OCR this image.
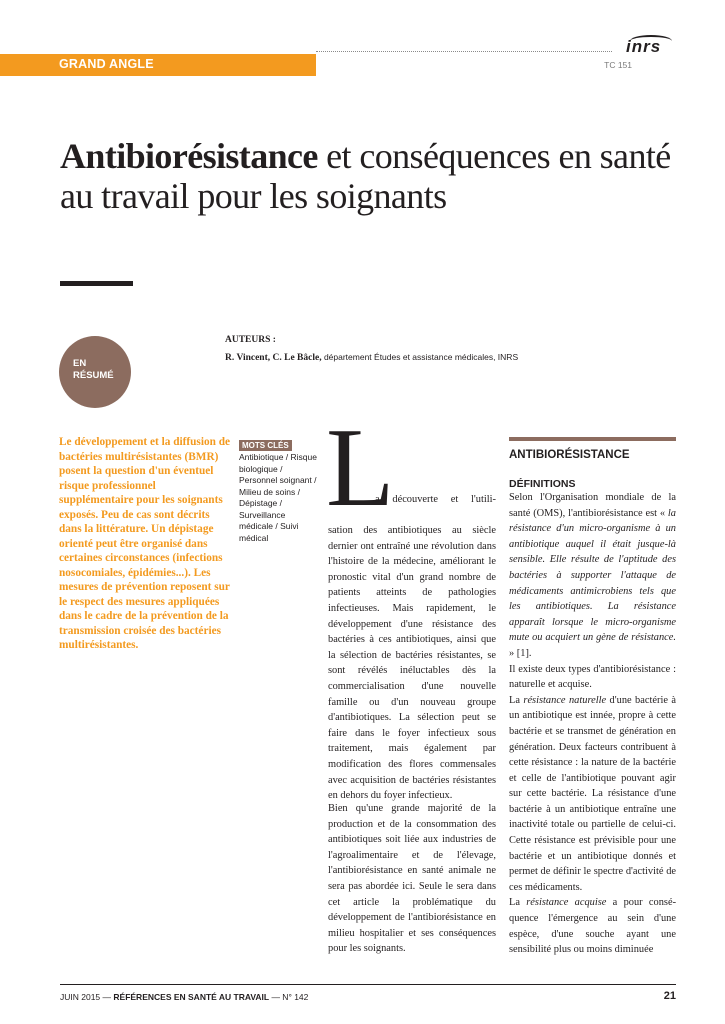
inrs
GRAND ANGLE	TC 151
Antibiorésistance et conséquences en santé au travail pour les soignants
EN
RÉSUMÉ
AUTEURS :
R. Vincent, C. Le Bâcle, département Études et assistance médicales, INRS

Le développement et la diffusion de bactéries multirésistantes (BMR) posent la question d'un éventuel risque professionnel supplémentaire pour les soignants exposés. Peu de cas sont décrits dans la littérature. Un dépistage orienté peut être organisé dans certaines circonstances (infections nosocomiales, épidémies...). Les mesures de prévention reposent sur le respect des mesures appliquées dans le cadre de la prévention de la transmission croisée des bactéries multirésistantes.

MOTS CLÉS

Antibiotique / Risque biologique / Personnel soignant / Milieu de soins / Dépistage / Surveillance médicale / Suivi médical

L

a découverte et l'utili-

sation des antibiotiques au siècle dernier ont entraîné une révolution dans l'histoire de la médecine, améliorant le pronostic vital d'un grand nombre de patients atteints de pathologies infectieuses. Mais rapidement, le développement d'une résistance des bactéries à ces antibiotiques, ainsi que la sélection de bactéries résistantes, se sont révélés inéluctables dès la commercialisation d'une nouvelle famille ou d'un nouveau groupe d'antibiotiques. La sélection peut se faire dans le foyer infectieux sous traitement, mais également par modification des flores commensales avec acquisition de bactéries résistantes en dehors du foyer infectieux.

Bien qu'une grande majorité de la production et de la consommation des antibiotiques soit liée aux industries de l'agroalimentaire et de l'élevage, l'antibiorésistance en santé animale ne sera pas abordée ici. Seule le sera dans cet article la problématique du développement de l'antibiorésistance en milieu hospitalier et ses conséquences pour les soignants.

ANTIBIORÉSISTANCE
DÉFINITIONS

Selon l'Organisation mondiale de la santé (OMS), l'antibiorésistance est « la résistance d'un micro-organisme à un antibiotique auquel il était jusque-là sensible. Elle résulte de l'aptitude des bactéries à supporter l'attaque de médicaments antimicrobiens tels que les antibiotiques. La résistance apparaît lorsque le micro-organisme mute ou acquiert un gène de résistance. » [1].

Il existe deux types d'antibiorésistance : naturelle et acquise.

La résistance naturelle d'une bactérie à un antibiotique est innée, propre à cette bactérie et se transmet de génération en génération. Deux facteurs contribuent à cette résistance : la nature de la bactérie et celle de l'antibiotique pouvant agir sur cette bactérie. La résistance d'une bactérie à un antibiotique entraîne une inactivité totale ou partielle de celui-ci. Cette résistance est prévisible pour une bactérie et un antibiotique donnés et permet de définir le spectre d'activité de ces médicaments.

La résistance acquise a pour conséquence l'émergence au sein d'une espèce, d'une souche ayant une sensibilité plus ou moins diminuée

JUIN 2015 — RÉFÉRENCES EN SANTÉ AU TRAVAIL — N° 142	21
